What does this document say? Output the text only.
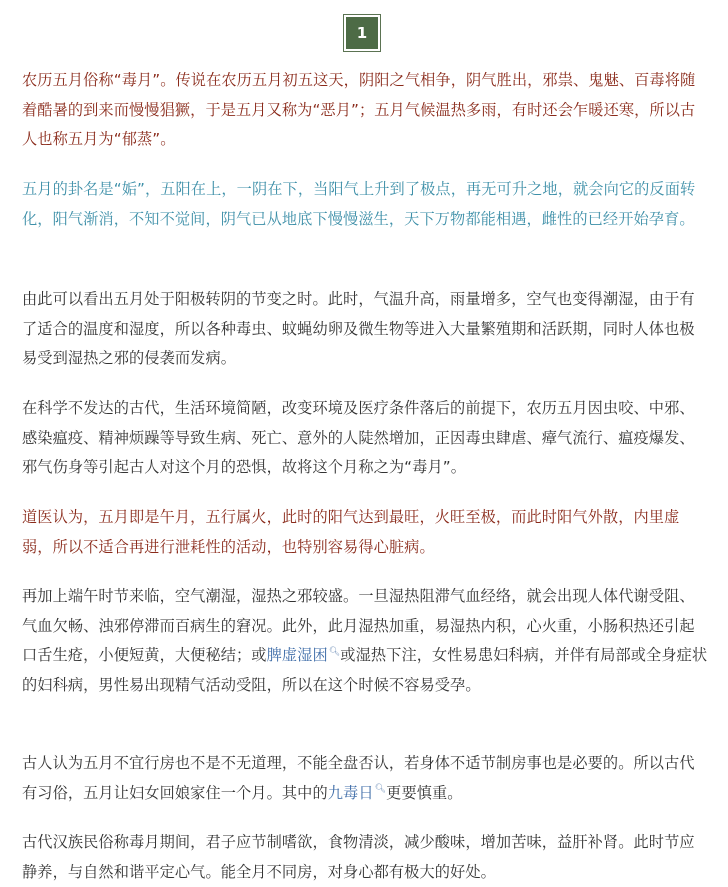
1

农历五月俗称“毒月”。传说在农历五月初五这天，阴阳之气相争，阴气胜出，邪祟、鬼魅、百毒将随着酷暑的到来而慢慢猖獗，于是五月又称为“恶月”；五月气候温热多雨，有时还会乍暖还寒，所以古人也称五月为“郁蒸”。

五月的卦名是“姤”，五阳在上，一阴在下，当阳气上升到了极点，再无可升之地，就会向它的反面转化，阳气渐消，不知不觉间，阴气已从地底下慢慢滋生，天下万物都能相遇，雌性的已经开始孕育。

由此可以看出五月处于阳极转阴的节变之时。此时，气温升高，雨量增多，空气也变得潮湿，由于有了适合的温度和湿度，所以各种毒虫、蚊蝇幼卵及微生物等进入大量繁殖期和活跃期，同时人体也极易受到湿热之邪的侵袭而发病。

在科学不发达的古代，生活环境简陋，改变环境及医疗条件落后的前提下，农历五月因虫咬、中邪、感染瘟疫、精神烦躁等导致生病、死亡、意外的人陡然增加，正因毒虫肆虐、瘴气流行、瘟疫爆发、邪气伤身等引起古人对这个月的恐惧，故将这个月称之为“毒月”。

道医认为，五月即是午月，五行属火，此时的阳气达到最旺，火旺至极，而此时阳气外散，内里虚弱，所以不适合再进行泄耗性的活动，也特别容易得心脏病。

再加上端午时节来临，空气潮湿，湿热之邪较盛。一旦湿热阻滞气血经络，就会出现人体代谢受阻、气血欠畅、浊邪停滞而百病生的窘况。此外，此月湿热加重，易湿热内积，心火重，小肠积热还引起口舌生疮，小便短黄，大便秘结；或脾虚湿困🔍︎或湿热下注，女性易患妇科病，并伴有局部或全身症状的妇科病，男性易出现精气活动受阻，所以在这个时候不容易受孕。

古人认为五月不宜行房也不是不无道理，不能全盘否认，若身体不适节制房事也是必要的。所以古代有习俗，五月让妇女回娘家住一个月。其中的九毒日🔍︎更要慎重。

古代汉族民俗称毒月期间，君子应节制嗜欲，食物清淡，减少酸味，增加苦味，益肝补肾。此时节应静养，与自然和谐平定心气。能全月不同房，对身心都有极大的好处。
